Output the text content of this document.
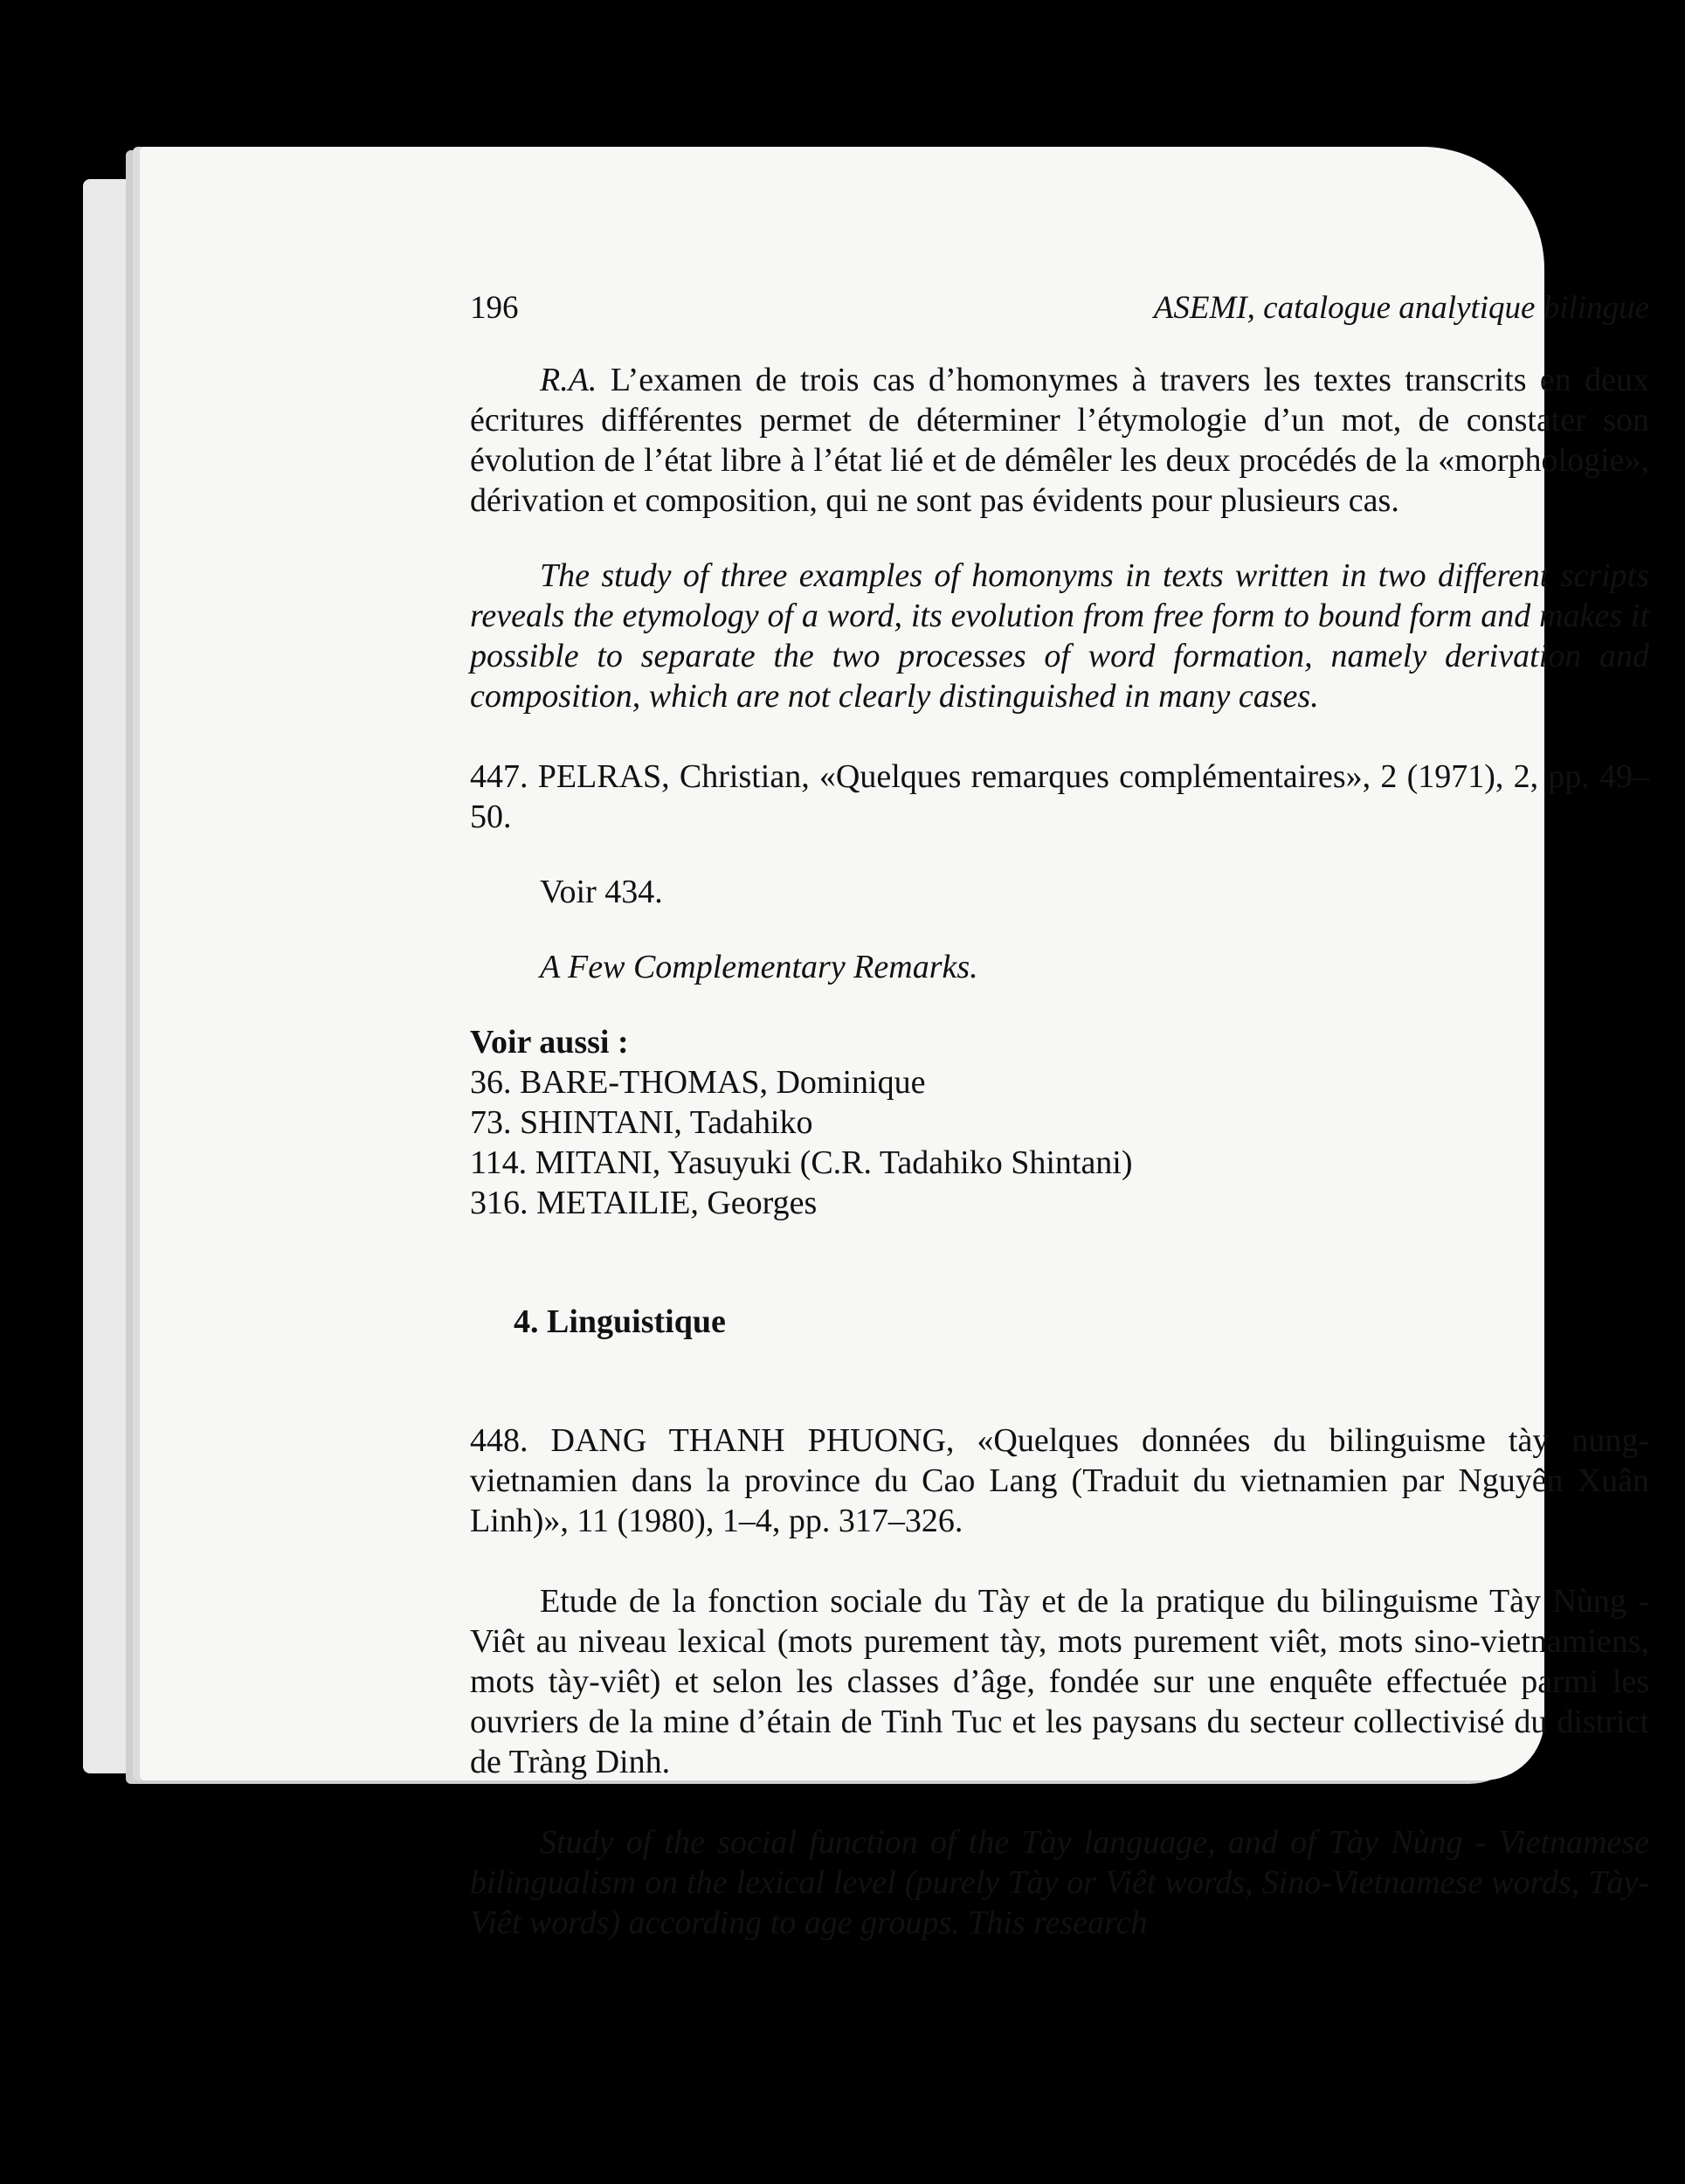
196	ASEMI, catalogue analytique bilingue

R.A. L’examen de trois cas d’homonymes à travers les textes transcrits en deux écritures différentes permet de déterminer l’étymologie d’un mot, de constater son évolution de l’état libre à l’état lié et de démêler les deux procédés de la «morphologie», dérivation et composition, qui ne sont pas évidents pour plusieurs cas.

The study of three examples of homonyms in texts written in two different scripts reveals the etymology of a word, its evolution from free form to bound form and makes it possible to separate the two processes of word formation, namely derivation and composition, which are not clearly distinguished in many cases.

447. PELRAS, Christian, «Quelques remarques complémentaires», 2 (1971), 2, pp. 49–50.

Voir 434.

A Few Complementary Remarks.

Voir aussi :

36. BARE-THOMAS, Dominique
73. SHINTANI, Tadahiko
114. MITANI, Yasuyuki (C.R. Tadahiko Shintani)
316. METAILIE, Georges

4. Linguistique

448. DANG THANH PHUONG, «Quelques données du bilinguisme tày nung-vietnamien dans la province du Cao Lang (Traduit du vietnamien par Nguyên Xuân Linh)», 11 (1980), 1–4, pp. 317–326.

Etude de la fonction sociale du Tày et de la pratique du bilinguisme Tày Nùng - Viêt au niveau lexical (mots purement tày, mots purement viêt, mots sino-vietnamiens, mots tày-viêt) et selon les classes d’âge, fondée sur une enquête effectuée parmi les ouvriers de la mine d’étain de Tinh Tuc et les paysans du secteur collectivisé du district de Tràng Dinh.

Study of the social function of the Tày language, and of Tày Nùng - Vietnamese bilingualism on the lexical level (purely Tày or Viêt words, Sino-Vietnamese words, Tày-Viêt words) according to age groups. This research
